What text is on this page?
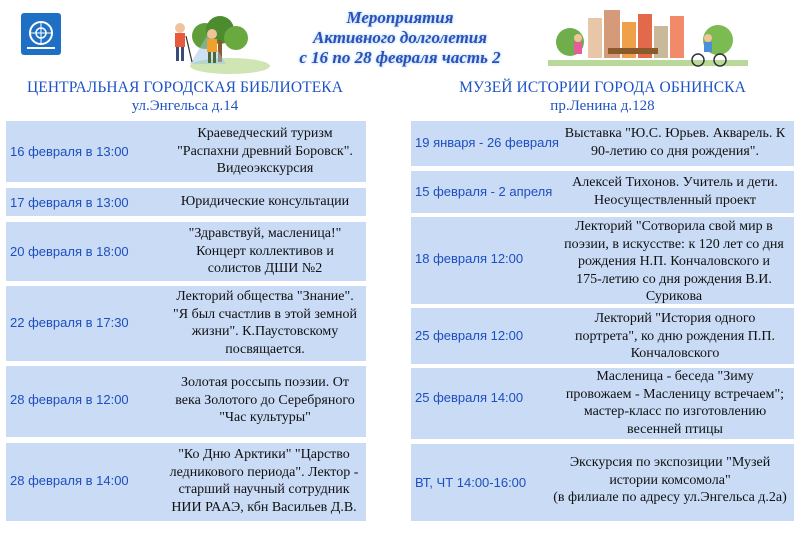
Мероприятия
Активного долголетия
с 16 по 28 февраля часть 2
ЦЕНТРАЛЬНАЯ ГОРОДСКАЯ БИБЛИОТЕКА
ул.Энгельса д.14
МУЗЕЙ ИСТОРИИ ГОРОДА ОБНИНСКА
пр.Ленина д.128
16 февраля в 13:00
Краеведческий туризм
"Распахни древний Боровск".
Видеоэкскурсия
17 февраля в 13:00	Юридические консультации
20 февраля в 18:00
"Здравствуй, масленица!"
Концерт коллективов и
солистов ДШИ №2
22 февраля в 17:30
Лекторий общества "Знание".
"Я был счастлив в этой земной
жизни". К.Паустовскому
посвящается.
28 февраля в 12:00
Золотая россыпь поэзии. От
века Золотого до Серебряного
"Час культуры"
28 февраля в 14:00
"Ко Дню Арктики" "Царство
ледникового периода". Лектор -
старший научный сотрудник
НИИ РААЭ, кбн Васильев Д.В.
19 января - 26 февраля
Выставка "Ю.С. Юрьев. Акварель. К
90-летию со дня рождения".
15 февраля - 2 апреля
Алексей Тихонов. Учитель и дети.
Неосуществленный проект
18 февраля 12:00
Лекторий "Сотворила свой мир в
поэзии, в искусстве: к 120 лет со дня
рождения Н.П. Кончаловского и
175-летию со дня рождения В.И.
Сурикова
25 февраля 12:00
Лекторий "История одного
портрета", ко дню рождения П.П.
Кончаловского
25 февраля 14:00
Масленица - беседа "Зиму
провожаем - Масленицу встречаем";
мастер-класс по изготовлению
весенней птицы
ВТ, ЧТ 14:00-16:00
Экскурсия по экспозиции "Музей
истории комсомола"
(в филиале по адресу ул.Энгельса д.2а)
